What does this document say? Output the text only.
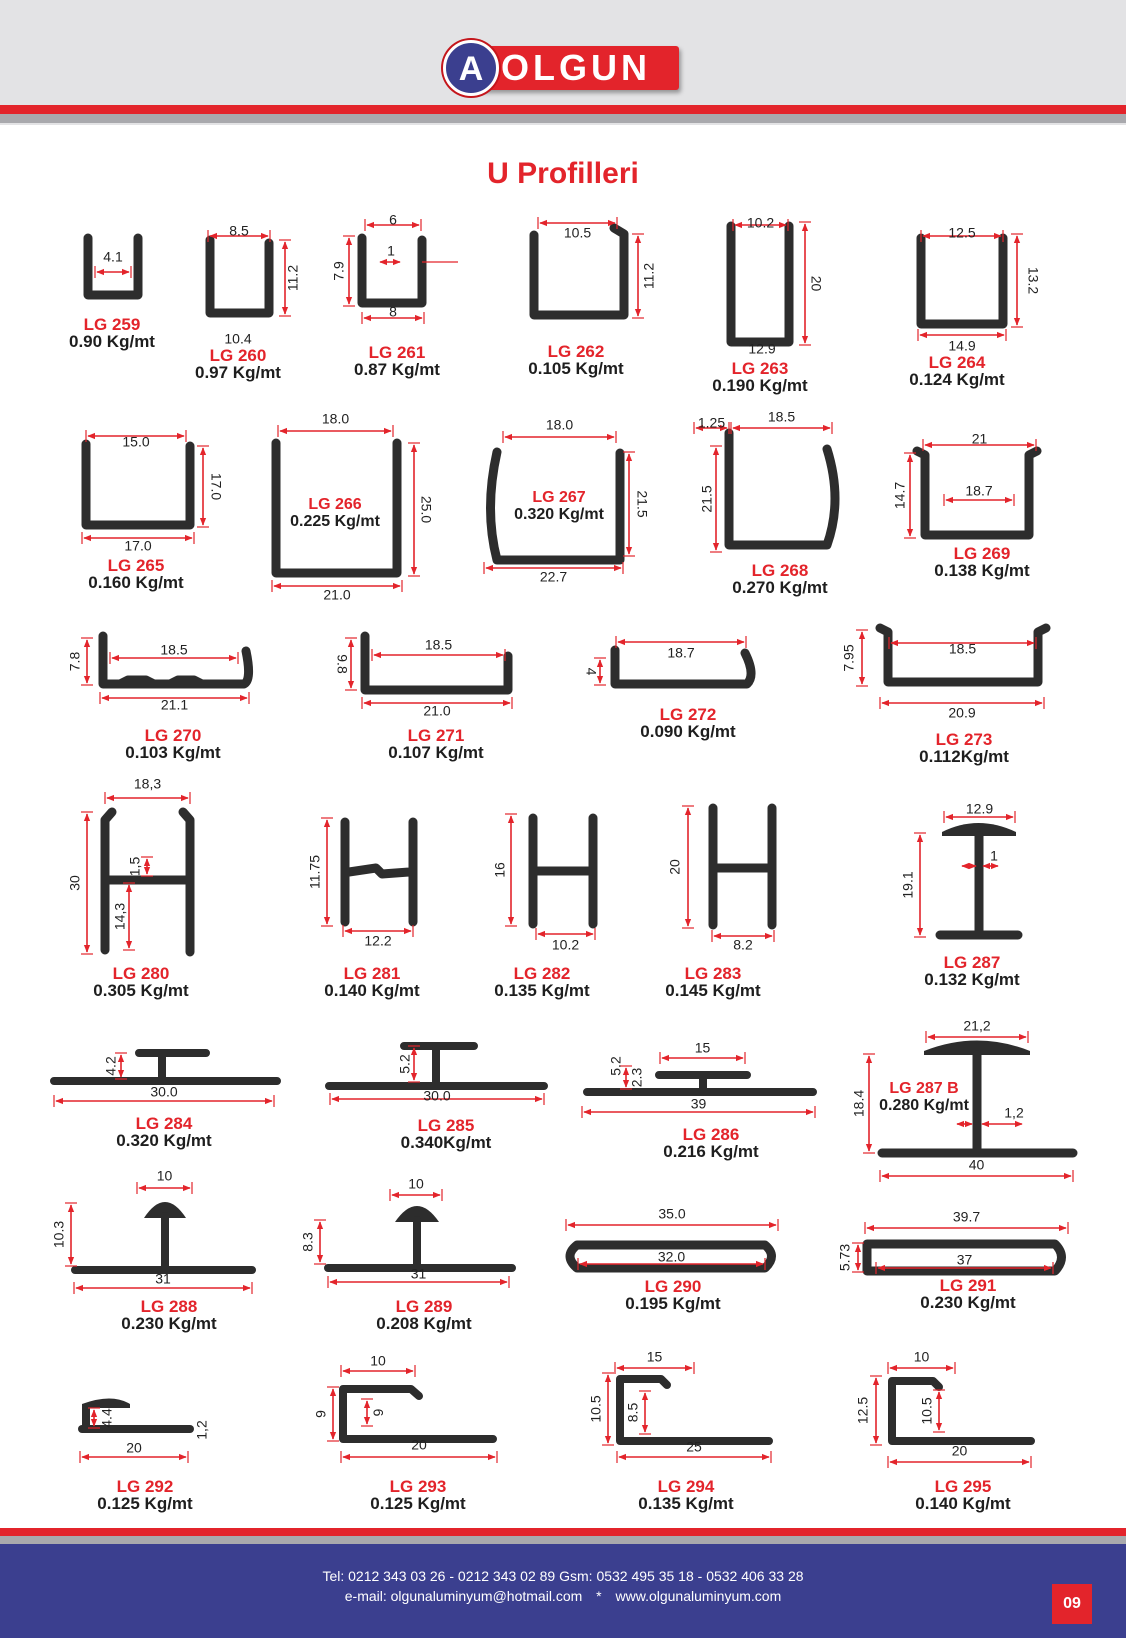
OLGUN
A
U Profilleri
4.1
8.5
11.2
10.4
6
1
7.9
8
10.5
11.2
10.2
20
12.9
12.5
13.2
14.9
15.0
17.0
17.0
18.0
25.0
21.0
18.0
21.5
22.7
1.25	18.5
21.5
21
14.7	18.7
18.5
7.8
21.1
18.5
9.8
21.0
18.7
4
18.5
7.95
20.9
18,3
30
1,5
14,3
11.75
12.2
16
10.2
20
8.2
12.9
19.1
1
4.2
30.0
5.2
30.0
15
2.3
5.2
39
21,2
18.4	1,2
40
10
10.3
31
10
8.3
31
35.0
32.0
39.7
5.73	37
4.4
1,2
20
10
9	6
20
15
10.5 8.5
25
10
12.5	10.5
20
LG 259
0.90 Kg/mt
LG 260
0.97 Kg/mt
LG 261
0.87 Kg/mt
LG 262
0.105 Kg/mt	LG 263
0.190 Kg/mt
LG 264
0.124 Kg/mt
LG 265
0.160 Kg/mt
LG 266
0.225 Kg/mt
LG 267
0.320 Kg/mt
LG 268
0.270 Kg/mt
LG 269
0.138 Kg/mt
LG 270
0.103 Kg/mt
LG 271
0.107 Kg/mt
LG 272
0.090 Kg/mt	LG 273
0.112Kg/mt
LG 280
0.305 Kg/mt
LG 281
0.140 Kg/mt
LG 282
0.135 Kg/mt
LG 283
0.145 Kg/mt
LG 287
0.132 Kg/mt
LG 284
0.320 Kg/mt
LG 285
0.340Kg/mt	LG 286
0.216 Kg/mt
LG 287 B
0.280 Kg/mt
LG 288
0.230 Kg/mt
LG 289
0.208 Kg/mt
LG 290
0.195 Kg/mt
LG 291
0.230 Kg/mt
LG 292
0.125 Kg/mt
LG 293
0.125 Kg/mt
LG 294
0.135 Kg/mt
LG 295
0.140 Kg/mt
Tel: 0212 343 03 26 - 0212 343 02 89 Gsm: 0532 495 35 18 - 0532 406 33 28
e-mail: olgunaluminyum@hotmail.com * www.olgunaluminyum.com	09
